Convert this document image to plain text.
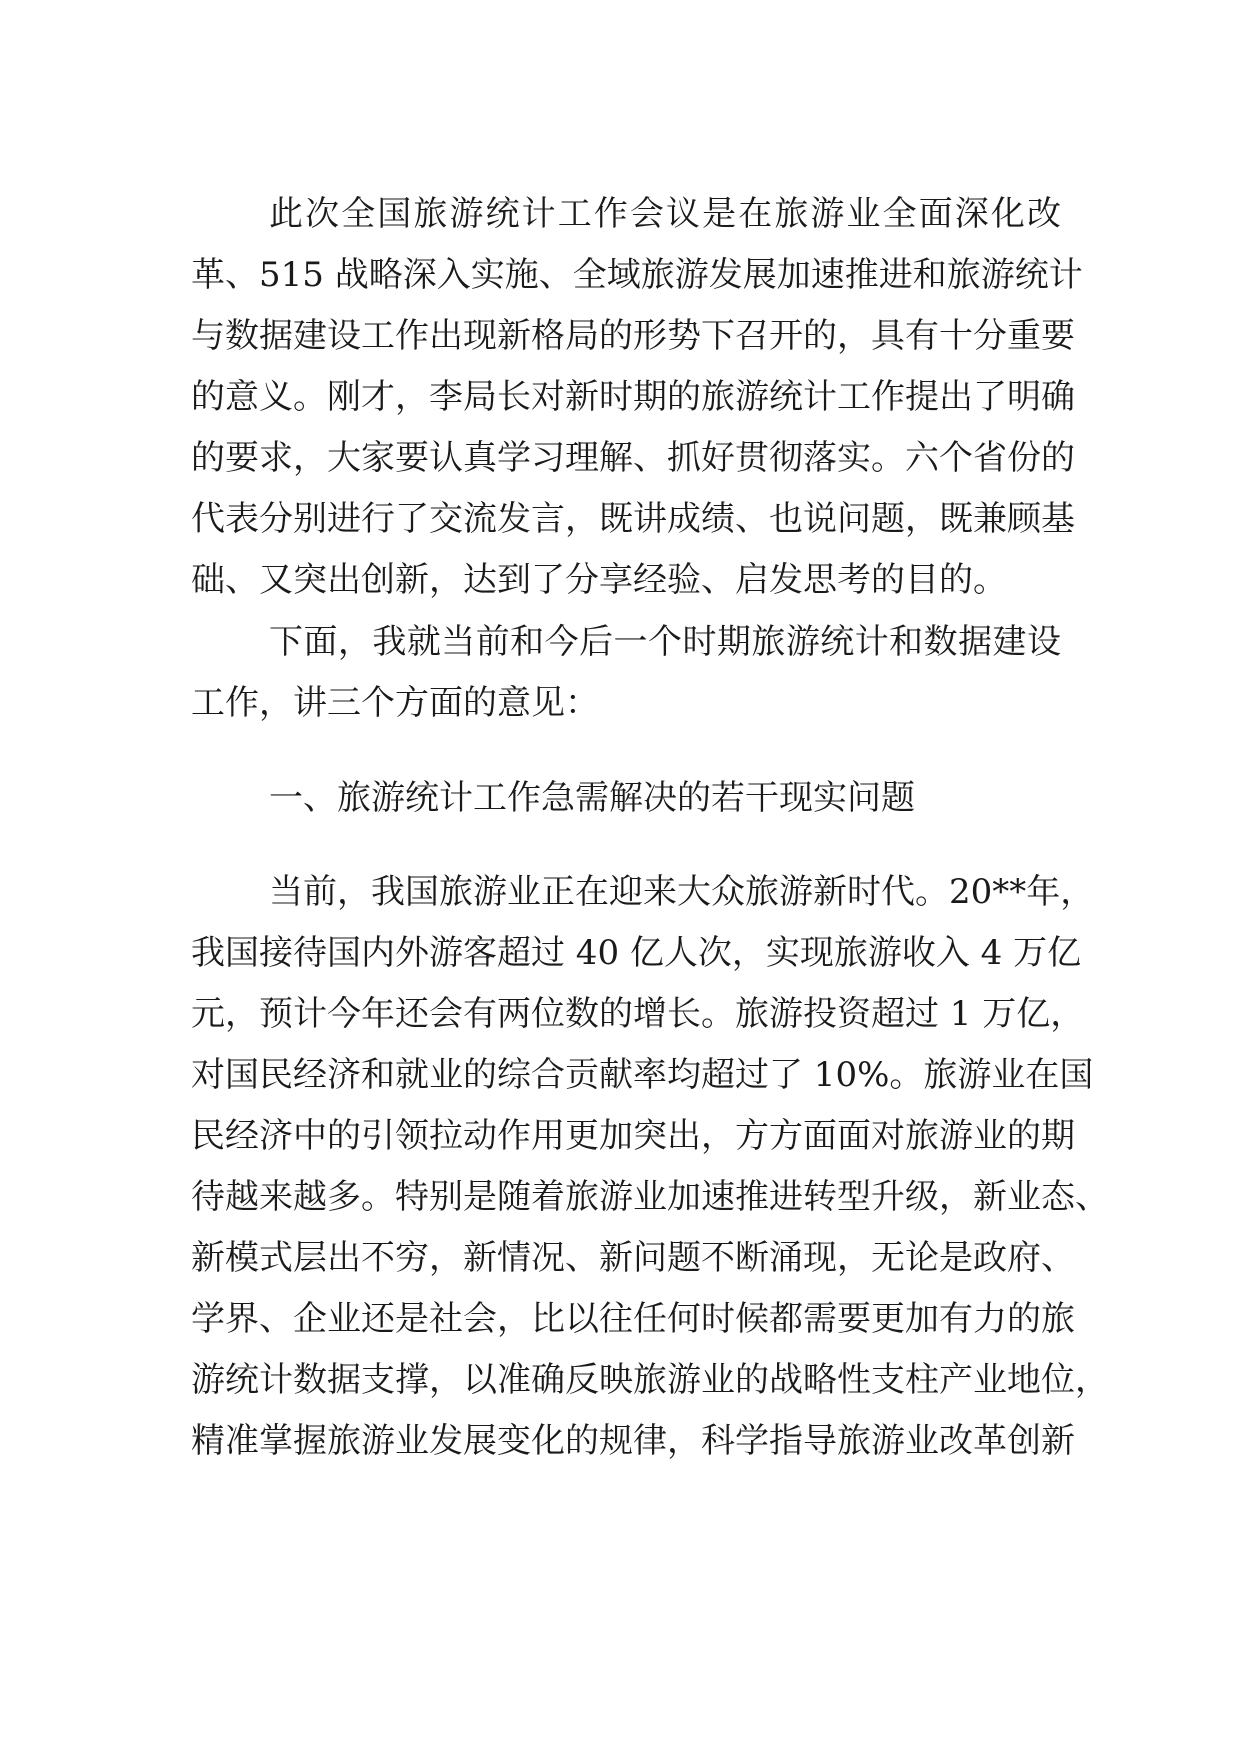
此次全国旅游统计工作会议是在旅游业全面深化改
革、515 战略深入实施、全域旅游发展加速推进和旅游统计
与数据建设工作出现新格局的形势下召开的，具有十分重要
的意义。刚才，李局长对新时期的旅游统计工作提出了明确
的要求，大家要认真学习理解、抓好贯彻落实。六个省份的
代表分别进行了交流发言，既讲成绩、也说问题，既兼顾基
础、又突出创新，达到了分享经验、启发思考的目的。
下面，我就当前和今后一个时期旅游统计和数据建设
工作，讲三个方面的意见：
一、旅游统计工作急需解决的若干现实问题
当前，我国旅游业正在迎来大众旅游新时代。20**年，
我国接待国内外游客超过 40 亿人次，实现旅游收入 4 万亿
元，预计今年还会有两位数的增长。旅游投资超过 1 万亿，
对国民经济和就业的综合贡献率均超过了 10%。旅游业在国
民经济中的引领拉动作用更加突出，方方面面对旅游业的期
待越来越多。特别是随着旅游业加速推进转型升级，新业态、
新模式层出不穷，新情况、新问题不断涌现，无论是政府、
学界、企业还是社会，比以往任何时候都需要更加有力的旅
游统计数据支撑，以准确反映旅游业的战略性支柱产业地位，
精准掌握旅游业发展变化的规律，科学指导旅游业改革创新
